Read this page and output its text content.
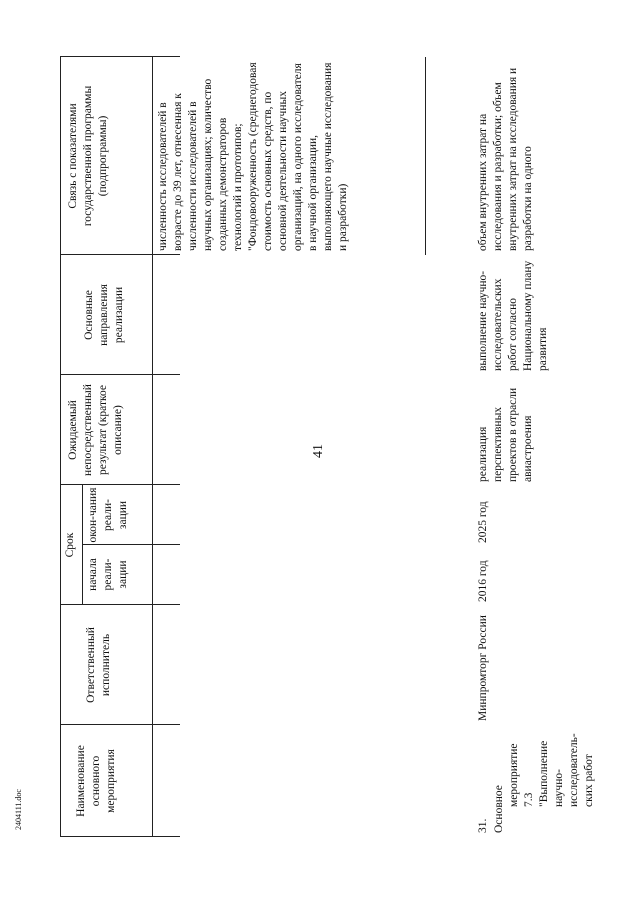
41
2404111.doc	Наименование основного мероприятия
Ответственный исполнитель
Срок
начала реали-зации
окон-чания реали-зации
Ожидаемый непосредственный результат (краткое описание)
Основные направления реализации
Связь с показателями государственной программы (подпрограммы)	численность исследователей в возрасте до 39 лет, отнесенная к численности исследователей в научных организациях; количество созданных демонстраторов технологий и прототипов; "Фондовооруженность (среднегодовая стоимость основных средств, по основной деятельности научных организаций, на одного исследователя в научной организации, выполняющего научные исследования и разработки)
31. Основное мероприятие 7.3 "Выполнение научно-исследователь-ских работ
Минпромторг России
2016 год
2025 год
реализация перспективных проектов в отрасли авиастроения
выполнение научно-исследовательских работ согласно Национальному плану развития
объем внутренних затрат на исследования и разработки; объем внутренних затрат на исследования и разработки на одного
